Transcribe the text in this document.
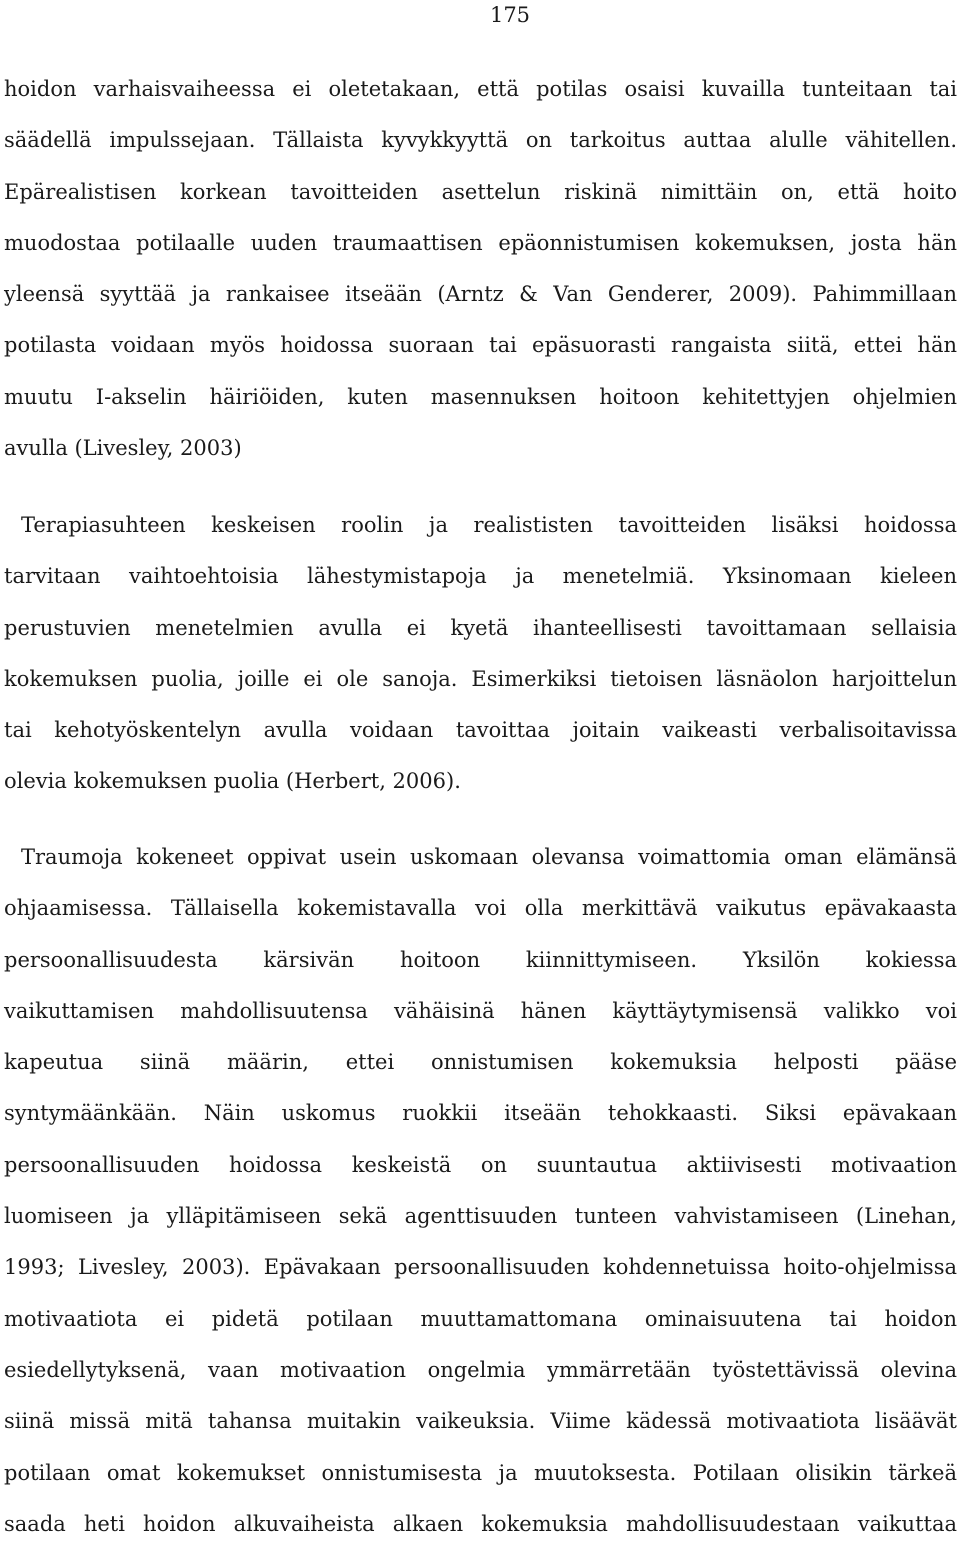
175
hoidon varhaisvaiheessa ei oletetakaan, että potilas osaisi kuvailla tunteitaan tai
säädellä impulssejaan. Tällaista kyvykkyyttä on tarkoitus auttaa alulle vähitellen.
Epärealistisen korkean tavoitteiden asettelun riskinä nimittäin on, että hoito
muodostaa potilaalle uuden traumaattisen epäonnistumisen kokemuksen, josta hän
yleensä syyttää ja rankaisee itseään (Arntz & Van Genderer, 2009). Pahimmillaan
potilasta voidaan myös hoidossa suoraan tai epäsuorasti rangaista siitä, ettei hän
muutu I-akselin häiriöiden, kuten masennuksen hoitoon kehitettyjen ohjelmien
avulla (Livesley, 2003)
Terapiasuhteen keskeisen roolin ja realististen tavoitteiden lisäksi hoidossa
tarvitaan vaihtoehtoisia lähestymistapoja ja menetelmiä. Yksinomaan kieleen
perustuvien menetelmien avulla ei kyetä ihanteellisesti tavoittamaan sellaisia
kokemuksen puolia, joille ei ole sanoja. Esimerkiksi tietoisen läsnäolon harjoittelun
tai kehotyöskentelyn avulla voidaan tavoittaa joitain vaikeasti verbalisoitavissa
olevia kokemuksen puolia (Herbert, 2006).
Traumoja kokeneet oppivat usein uskomaan olevansa voimattomia oman elämänsä
ohjaamisessa. Tällaisella kokemistavalla voi olla merkittävä vaikutus epävakaasta
persoonallisuudesta kärsivän hoitoon kiinnittymiseen. Yksilön kokiessa
vaikuttamisen mahdollisuutensa vähäisinä hänen käyttäytymisensä valikko voi
kapeutua siinä määrin, ettei onnistumisen kokemuksia helposti pääse
syntymäänkään. Näin uskomus ruokkii itseään tehokkaasti. Siksi epävakaan
persoonallisuuden hoidossa keskeistä on suuntautua aktiivisesti motivaation
luomiseen ja ylläpitämiseen sekä agenttisuuden tunteen vahvistamiseen (Linehan,
1993; Livesley, 2003). Epävakaan persoonallisuuden kohdennetuissa hoito-ohjelmissa
motivaatiota ei pidetä potilaan muuttamattomana ominaisuutena tai hoidon
esiedellytyksenä, vaan motivaation ongelmia ymmärretään työstettävissä olevina
siinä missä mitä tahansa muitakin vaikeuksia. Viime kädessä motivaatiota lisäävät
potilaan omat kokemukset onnistumisesta ja muutoksesta. Potilaan olisikin tärkeä
saada heti hoidon alkuvaiheista alkaen kokemuksia mahdollisuudestaan vaikuttaa
